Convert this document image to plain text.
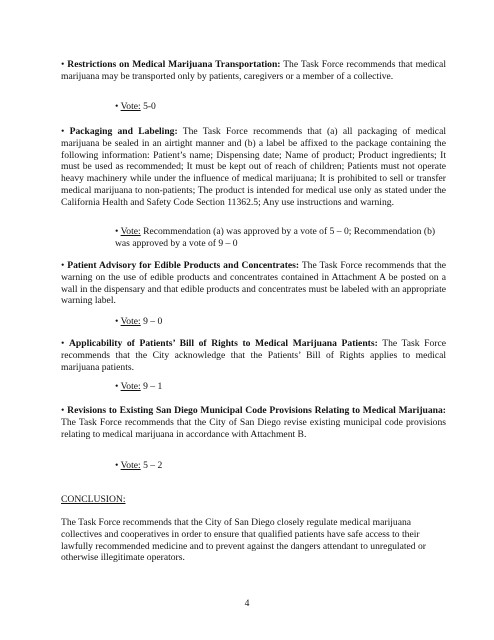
• Restrictions on Medical Marijuana Transportation: The Task Force recommends that medical marijuana may be transported only by patients, caregivers or a member of a collective.

• Vote: 5-0

• Packaging and Labeling: The Task Force recommends that (a) all packaging of medical marijuana be sealed in an airtight manner and (b) a label be affixed to the package containing the following information: Patient’s name; Dispensing date; Name of product; Product ingredients; It must be used as recommended; It must be kept out of reach of children; Patients must not operate heavy machinery while under the influence of medical marijuana; It is prohibited to sell or transfer medical marijuana to non-patients; The product is intended for medical use only as stated under the California Health and Safety Code Section 11362.5; Any use instructions and warning.

• Vote: Recommendation (a) was approved by a vote of 5 – 0; Recommendation (b) was approved by a vote of 9 – 0

• Patient Advisory for Edible Products and Concentrates: The Task Force recommends that the warning on the use of edible products and concentrates contained in Attachment A be posted on a wall in the dispensary and that edible products and concentrates must be labeled with an appropriate warning label.

• Vote: 9 – 0

• Applicability of Patients’ Bill of Rights to Medical Marijuana Patients: The Task Force recommends that the City acknowledge that the Patients’ Bill of Rights applies to medical marijuana patients.

• Vote: 9 – 1

• Revisions to Existing San Diego Municipal Code Provisions Relating to Medical Marijuana: The Task Force recommends that the City of San Diego revise existing municipal code provisions relating to medical marijuana in accordance with Attachment B.

• Vote: 5 – 2

CONCLUSION:

The Task Force recommends that the City of San Diego closely regulate medical marijuana collectives and cooperatives in order to ensure that qualified patients have safe access to their lawfully recommended medicine and to prevent against the dangers attendant to unregulated or otherwise illegitimate operators.

4
